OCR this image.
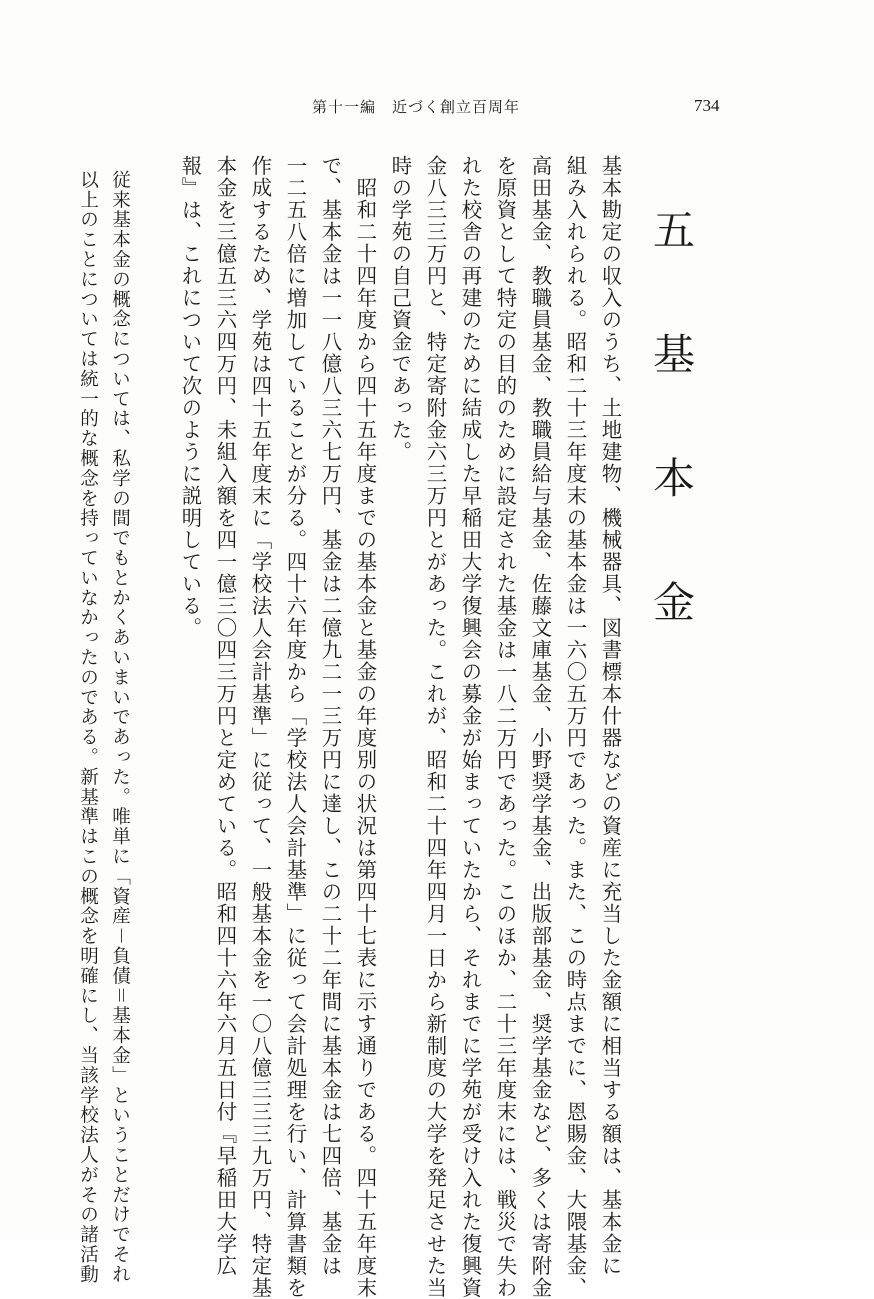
第十一編　近づく創立百周年	734
五　基　本　金
基本勘定の収入のうち、土地建物、機械器具、図書標本什器などの資産に充当した金額に相当する額は、基本金に
組み入れられる。昭和二十三年度末の基本金は一六〇五万円であった。また、この時点までに、恩賜金、大隈基金、
高田基金、教職員基金、教職員給与基金、佐藤文庫基金、小野奨学基金、出版部基金、奨学基金など、多くは寄附金
を原資として特定の目的のために設定された基金は一八二万円であった。このほか、二十三年度末には、戦災で失わ
れた校舎の再建のために結成した早稲田大学復興会の募金が始まっていたから、それまでに学苑が受け入れた復興資
金八三三万円と、特定寄附金六三万円とがあった。これが、昭和二十四年四月一日から新制度の大学を発足させた当
時の学苑の自己資金であった。
　昭和二十四年度から四十五年度までの基本金と基金の年度別の状況は第四十七表に示す通りである。四十五年度末
で、基本金は一一八億八三六七万円、基金は二億九二一三万円に達し、この二十二年間に基本金は七四倍、基金は
一二五八倍に増加していることが分る。四十六年度から「学校法人会計基準」に従って会計処理を行い、計算書類を
作成するため、学苑は四十五年度末に「学校法人会計基準」に従って、一般基本金を一〇八億三三三九万円、特定基
本金を三億五三六四万円、未組入額を四一億三〇四三万円と定めている。昭和四十六年六月五日付『早稲田大学広
報』は、これについて次のように説明している。
従来基本金の概念については、私学の間でもとかくあいまいであった。唯単に「資産－負債＝基本金」ということだけでそれ
以上のことについては統一的な概念を持っていなかったのである。新基準はこの概念を明確にし、当該学校法人がその諸活動
